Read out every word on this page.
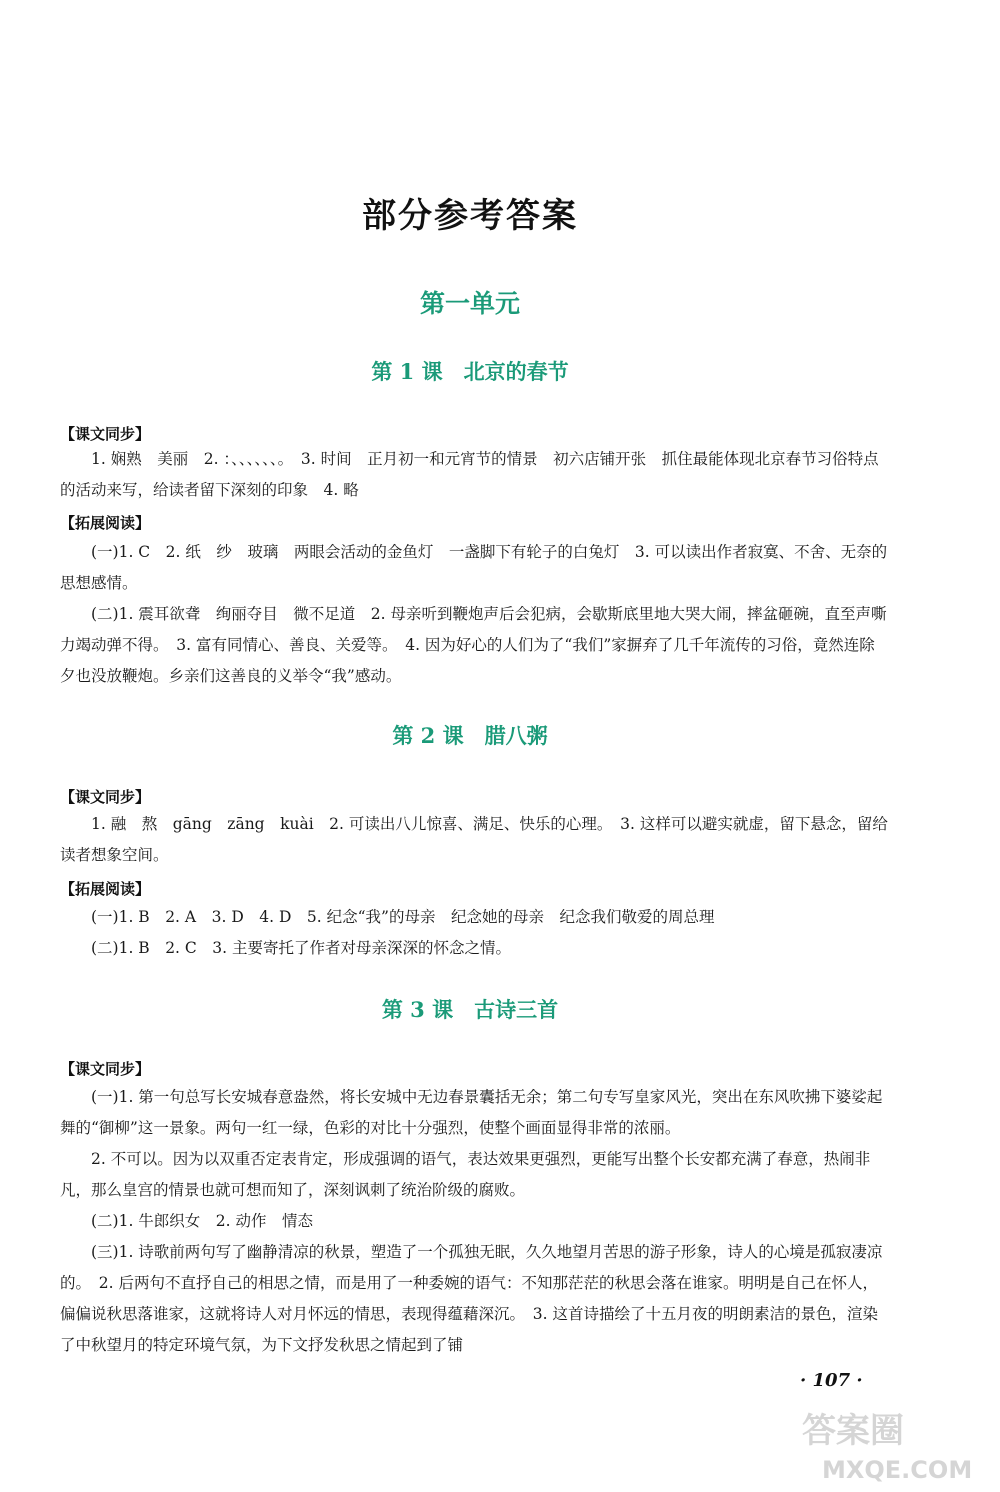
部分参考答案
第一单元
第 1 课　北京的春节
【课文同步】
1. 娴熟　美丽　2. ：、、、、、、。　3. 时间　正月初一和元宵节的情景　初六店铺开张　抓住最能体现北京春节习俗特点的活动来写，给读者留下深刻的印象　4. 略
【拓展阅读】
(一)1. C　2. 纸　纱　玻璃　两眼会活动的金鱼灯　一盏脚下有轮子的白兔灯　3. 可以读出作者寂寞、不舍、无奈的思想感情。
(二)1. 震耳欲聋　绚丽夺目　微不足道　2. 母亲听到鞭炮声后会犯病，会歇斯底里地大哭大闹，摔盆砸碗，直至声嘶力竭动弹不得。　3. 富有同情心、善良、关爱等。　4. 因为好心的人们为了“我们”家摒弃了几千年流传的习俗，竟然连除夕也没放鞭炮。乡亲们这善良的义举令“我”感动。
第 2 课　腊八粥
【课文同步】
1. 融　熬　gāng　zāng　kuài　2. 可读出八儿惊喜、满足、快乐的心理。　3. 这样可以避实就虚，留下悬念，留给读者想象空间。
【拓展阅读】
(一)1. B　2. A　3. D　4. D　5. 纪念“我”的母亲　纪念她的母亲　纪念我们敬爱的周总理
(二)1. B　2. C　3. 主要寄托了作者对母亲深深的怀念之情。
第 3 课　古诗三首
【课文同步】
(一)1. 第一句总写长安城春意盎然，将长安城中无边春景囊括无余；第二句专写皇家风光，突出在东风吹拂下婆娑起舞的“御柳”这一景象。两句一红一绿，色彩的对比十分强烈，使整个画面显得非常的浓丽。
2. 不可以。因为以双重否定表肯定，形成强调的语气，表达效果更强烈，更能写出整个长安都充满了春意，热闹非凡，那么皇宫的情景也就可想而知了，深刻讽刺了统治阶级的腐败。
(二)1. 牛郎织女　2. 动作　情态
(三)1. 诗歌前两句写了幽静清凉的秋景，塑造了一个孤独无眠，久久地望月苦思的游子形象，诗人的心境是孤寂凄凉的。　2. 后两句不直抒自己的相思之情，而是用了一种委婉的语气：不知那茫茫的秋思会落在谁家。明明是自己在怀人，偏偏说秋思落谁家，这就将诗人对月怀远的情思，表现得蕴藉深沉。　3. 这首诗描绘了十五月夜的明朗素洁的景色，渲染了中秋望月的特定环境气氛，为下文抒发秋思之情起到了铺
· 107 ·
答案圈
MXQE.COM
